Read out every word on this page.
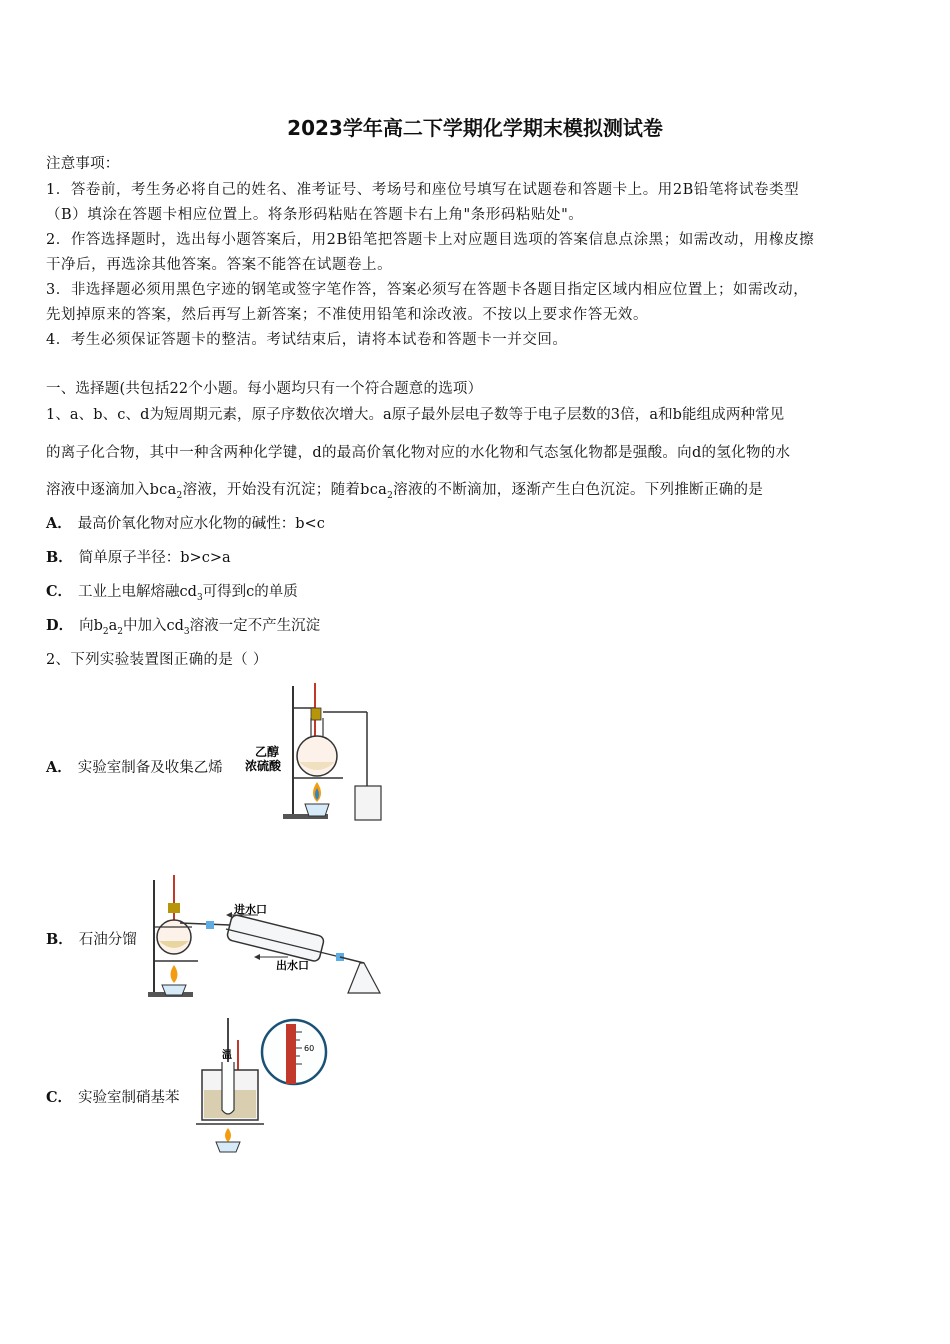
2023学年高二下学期化学期末模拟测试卷
注意事项：
1．答卷前，考生务必将自己的姓名、准考证号、考场号和座位号填写在试题卷和答题卡上。用2B铅笔将试卷类型
（B）填涂在答题卡相应位置上。将条形码粘贴在答题卡右上角"条形码粘贴处"。
2．作答选择题时，选出每小题答案后，用2B铅笔把答题卡上对应题目选项的答案信息点涂黑；如需改动，用橡皮擦
干净后，再选涂其他答案。答案不能答在试题卷上。
3．非选择题必须用黑色字迹的钢笔或签字笔作答，答案必须写在答题卡各题目指定区域内相应位置上；如需改动，
先划掉原来的答案，然后再写上新答案；不准使用铅笔和涂改液。不按以上要求作答无效。
4．考生必须保证答题卡的整洁。考试结束后，请将本试卷和答题卡一并交回。
一、选择题(共包括22个小题。每小题均只有一个符合题意的选项）
1、a、b、c、d为短周期元素，原子序数依次增大。a原子最外层电子数等于电子层数的3倍，a和b能组成两种常见
的离子化合物，其中一种含两种化学键，d的最高价氧化物对应的水化物和气态氢化物都是强酸。向d的氢化物的水
溶液中逐滴加入bca$_2$溶液，开始没有沉淀；随着bca$_2$溶液的不断滴加，逐渐产生白色沉淀。下列推断正确的是
A． 最高价氧化物对应水化物的碱性：b<c
B． 简单原子半径：b>c>a
C． 工业上电解熔融$cd_3$可得到c的单质
D． 向$b_2a_2$中加入$cd_3$溶液一定不产生沉淀
2、下列实验装置图正确的是（ ）
A． 实验室制备及收集乙烯
乙醇
浓硫酸
B． 石油分馏
进水口
出水口
C． 实验室制硝基苯
温
60
